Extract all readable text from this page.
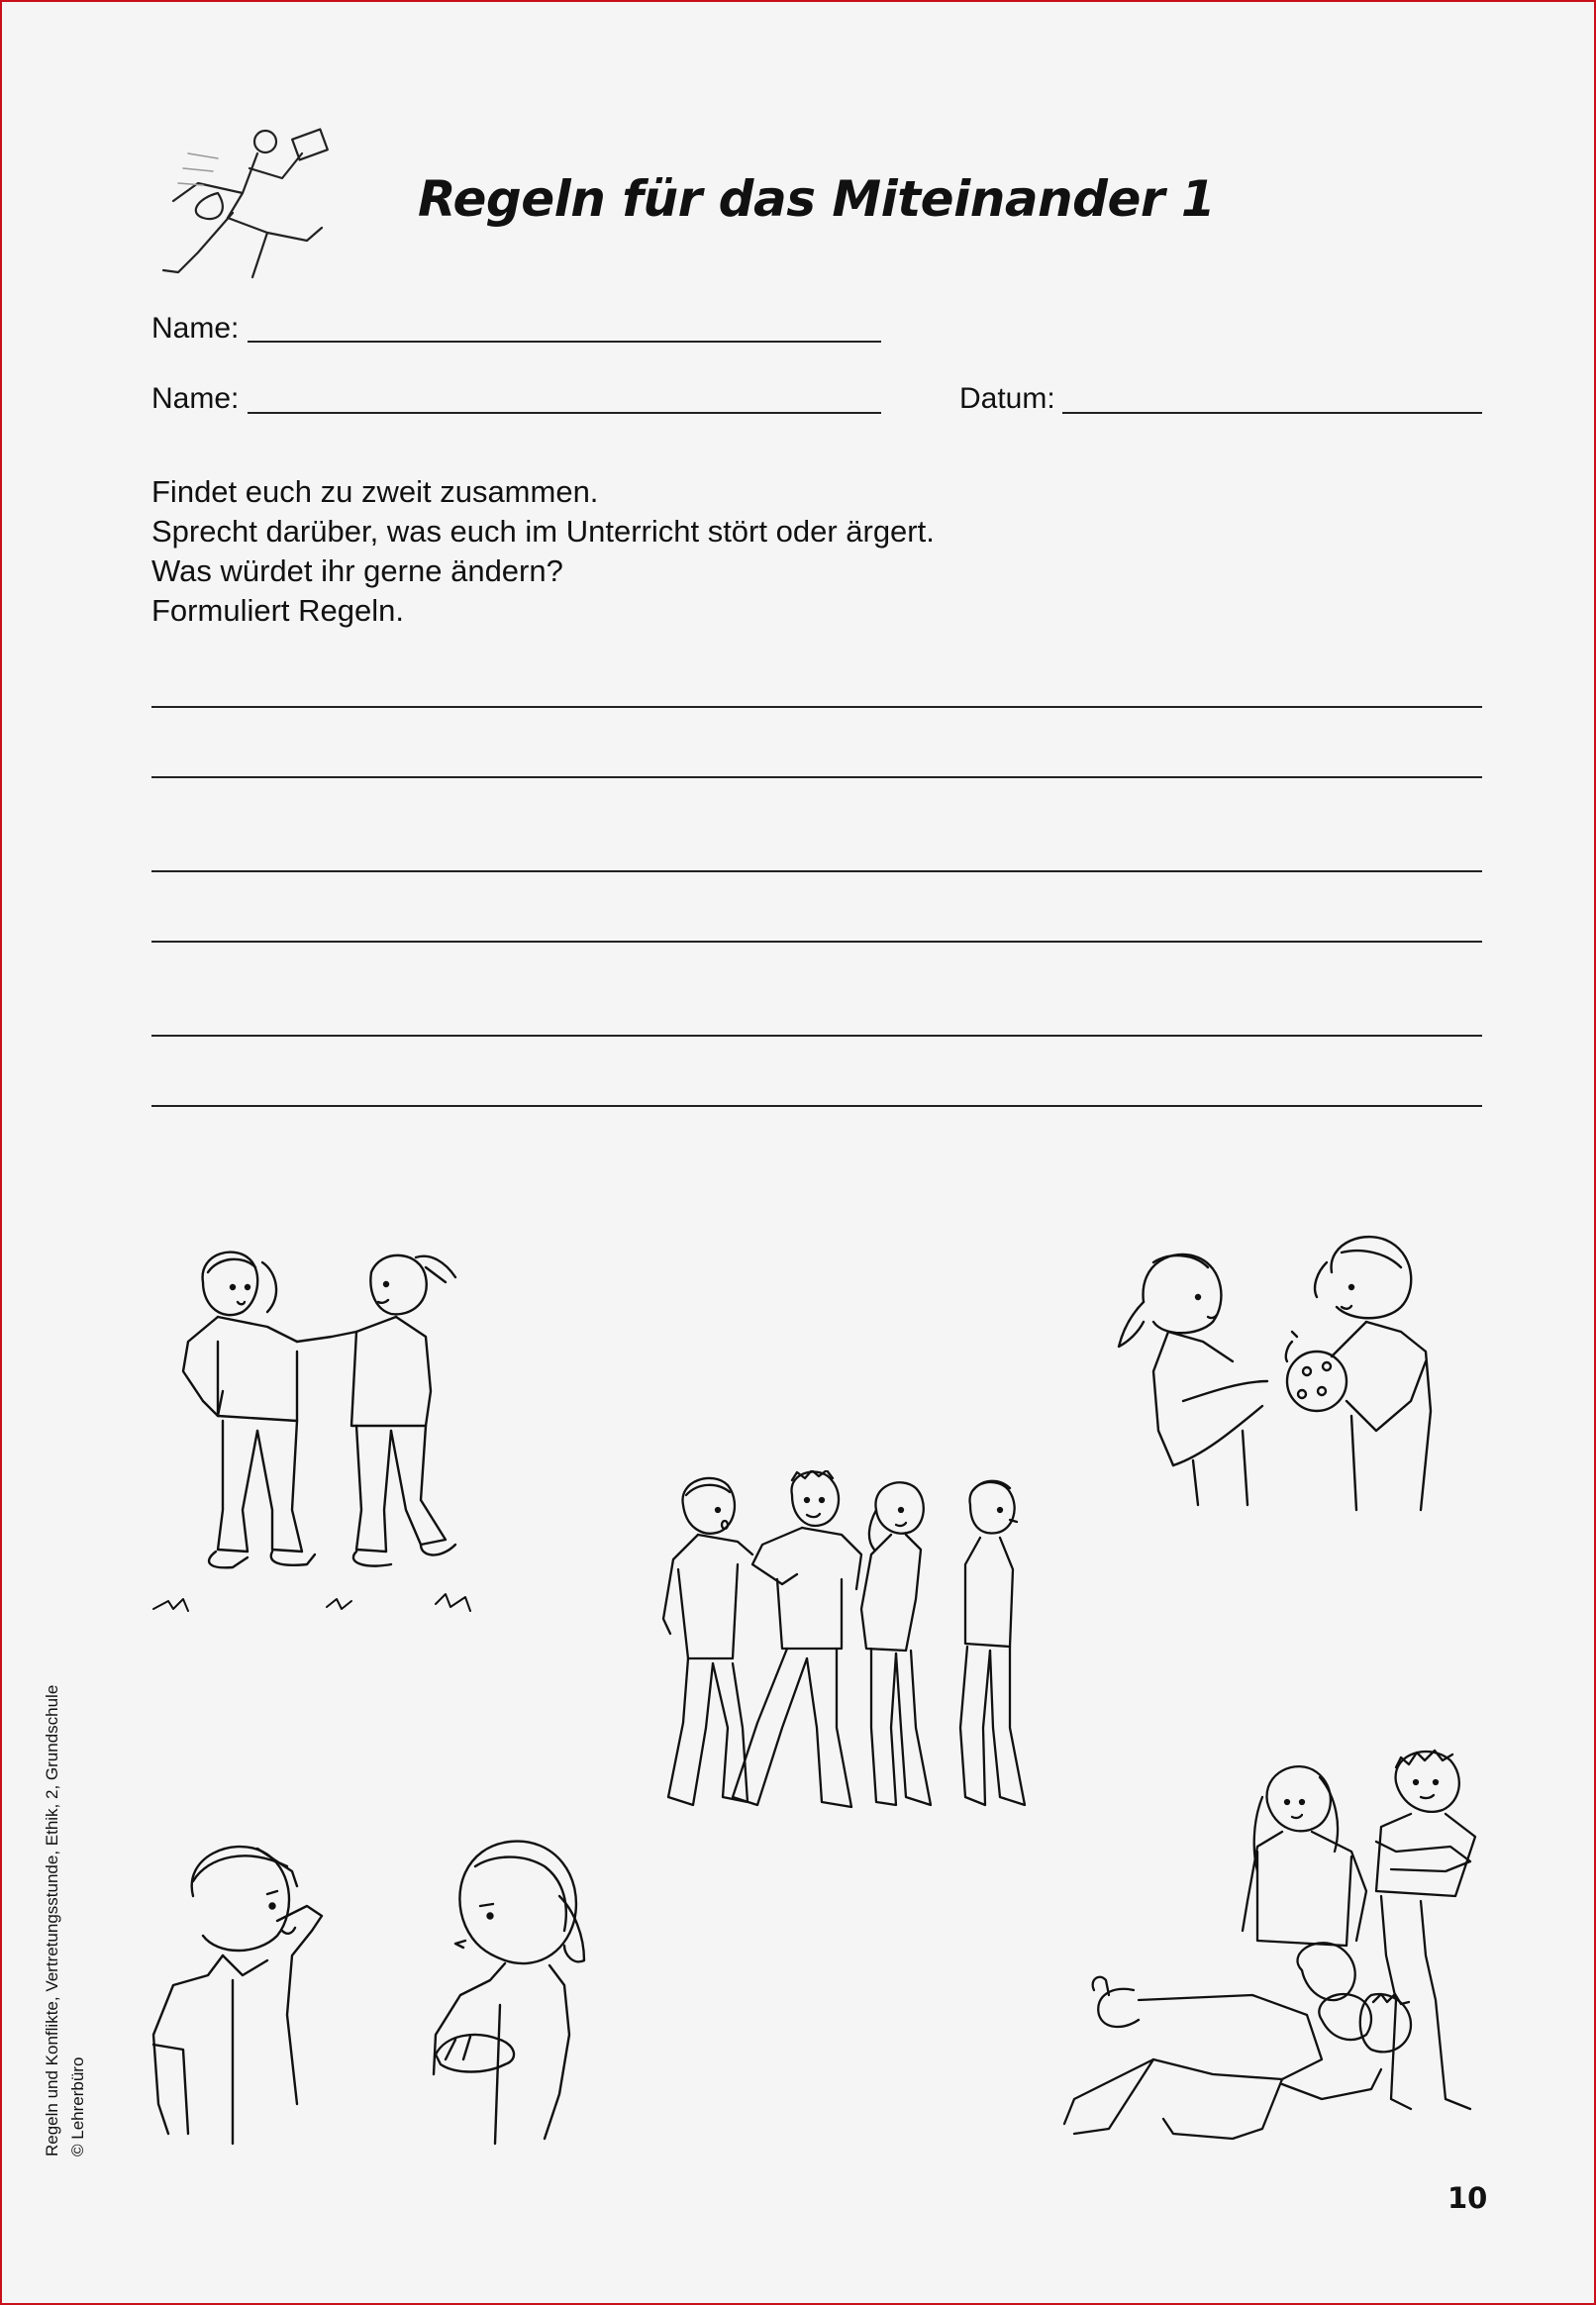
Regeln für das Miteinander 1
Name:
Name:	Datum:
Findet euch zu zweit zusammen.
Sprecht darüber, was euch im Unterricht stört oder ärgert.
Was würdet ihr gerne ändern?
Formuliert Regeln.
Regeln und Konflikte, Vertretungsstunde, Ethik, 2, Grundschule © Lehrerbüro
10
